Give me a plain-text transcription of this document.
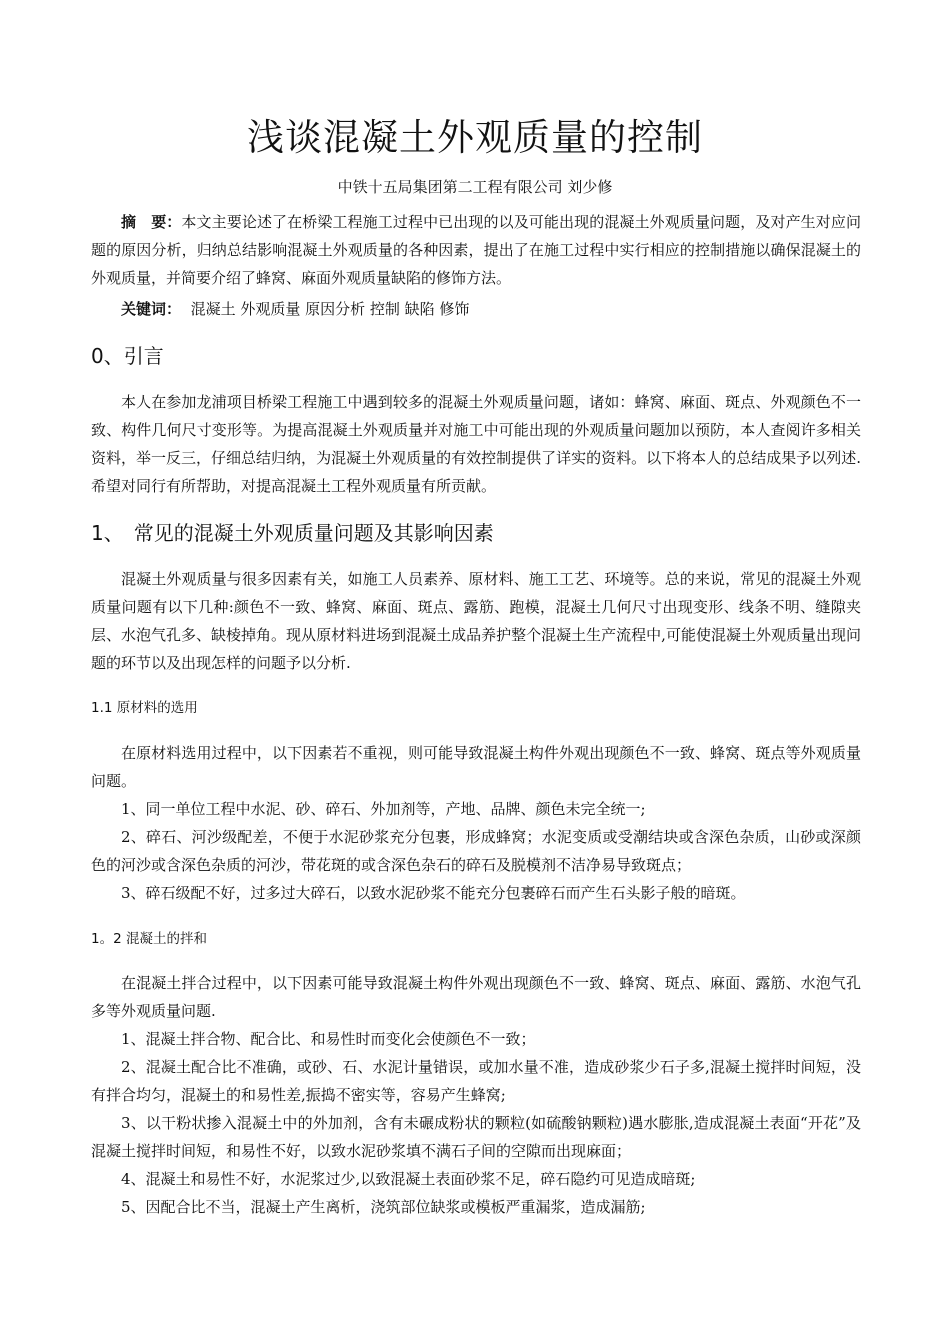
浅谈混凝土外观质量的控制
中铁十五局集团第二工程有限公司 刘少修
摘　要：本文主要论述了在桥梁工程施工过程中已出现的以及可能出现的混凝土外观质量问题，及对产生对应问题的原因分析，归纳总结影响混凝土外观质量的各种因素，提出了在施工过程中实行相应的控制措施以确保混凝土的外观质量，并简要介绍了蜂窝、麻面外观质量缺陷的修饰方法。
关键词： 混凝土 外观质量 原因分析 控制 缺陷 修饰
0、引言
本人在参加龙浦项目桥梁工程施工中遇到较多的混凝土外观质量问题，诸如：蜂窝、麻面、斑点、外观颜色不一致、构件几何尺寸变形等。为提高混凝土外观质量并对施工中可能出现的外观质量问题加以预防，本人查阅许多相关资料，举一反三，仔细总结归纳，为混凝土外观质量的有效控制提供了详实的资料。以下将本人的总结成果予以列述.希望对同行有所帮助，对提高混凝土工程外观质量有所贡献。
1、　常见的混凝土外观质量问题及其影响因素
混凝土外观质量与很多因素有关，如施工人员素养、原材料、施工工艺、环境等。总的来说，常见的混凝土外观质量问题有以下几种:颜色不一致、蜂窝、麻面、斑点、露筋、跑模，混凝土几何尺寸出现变形、线条不明、缝隙夹层、水泡气孔多、缺棱掉角。现从原材料进场到混凝土成品养护整个混凝土生产流程中,可能使混凝土外观质量出现问题的环节以及出现怎样的问题予以分析.
1.1 原材料的选用
在原材料选用过程中，以下因素若不重视，则可能导致混凝土构件外观出现颜色不一致、蜂窝、斑点等外观质量问题。
1、同一单位工程中水泥、砂、碎石、外加剂等，产地、品牌、颜色未完全统一;
2、碎石、河沙级配差，不便于水泥砂浆充分包裹，形成蜂窝；水泥变质或受潮结块或含深色杂质，山砂或深颜色的河沙或含深色杂质的河沙，带花斑的或含深色杂石的碎石及脱模剂不洁净易导致斑点；
3、碎石级配不好，过多过大碎石，以致水泥砂浆不能充分包裹碎石而产生石头影子般的暗斑。
1。2 混凝土的拌和
在混凝土拌合过程中，以下因素可能导致混凝土构件外观出现颜色不一致、蜂窝、斑点、麻面、露筋、水泡气孔多等外观质量问题.
1、混凝土拌合物、配合比、和易性时而变化会使颜色不一致；
2、混凝土配合比不准确，或砂、石、水泥计量错误，或加水量不准，造成砂浆少石子多,混凝土搅拌时间短，没有拌合均匀，混凝土的和易性差,振捣不密实等，容易产生蜂窝;
3、以干粉状掺入混凝土中的外加剂，含有未碾成粉状的颗粒(如硫酸钠颗粒)遇水膨胀,造成混凝土表面“开花”及混凝土搅拌时间短，和易性不好，以致水泥砂浆填不满石子间的空隙而出现麻面；
4、混凝土和易性不好，水泥浆过少,以致混凝土表面砂浆不足，碎石隐约可见造成暗斑;
5、因配合比不当，混凝土产生离析，浇筑部位缺浆或模板严重漏浆，造成漏筋;
